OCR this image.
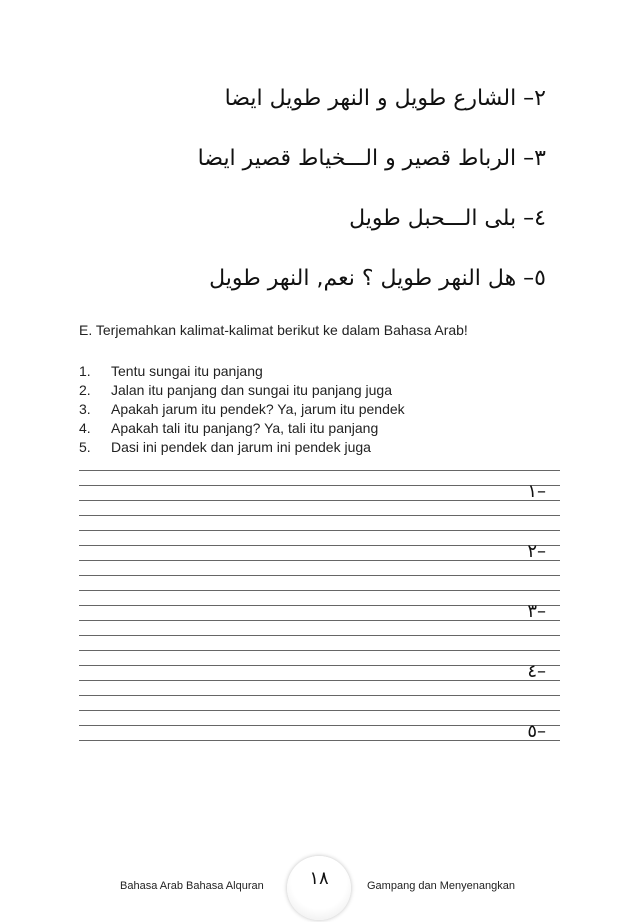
٢– الشارع طويل و النهر طويل ايضا
٣– الرباط قصير و الـــخياط قصير ايضا
٤– بلى الـــحبل طويل
٥– هل النهر طويل ؟ نعم, النهر طويل
E. Terjemahkan kalimat-kalimat berikut ke dalam Bahasa Arab!
1. Tentu sungai itu panjang
2. Jalan itu panjang dan sungai itu panjang juga
3. Apakah jarum itu pendek? Ya, jarum itu pendek
4. Apakah tali itu panjang? Ya, tali itu panjang
5. Dasi ini pendek dan jarum ini pendek juga
١–
٢–
٣–
٤–
٥–
Bahasa Arab Bahasa Alquran	١٨	Gampang dan Menyenangkan
